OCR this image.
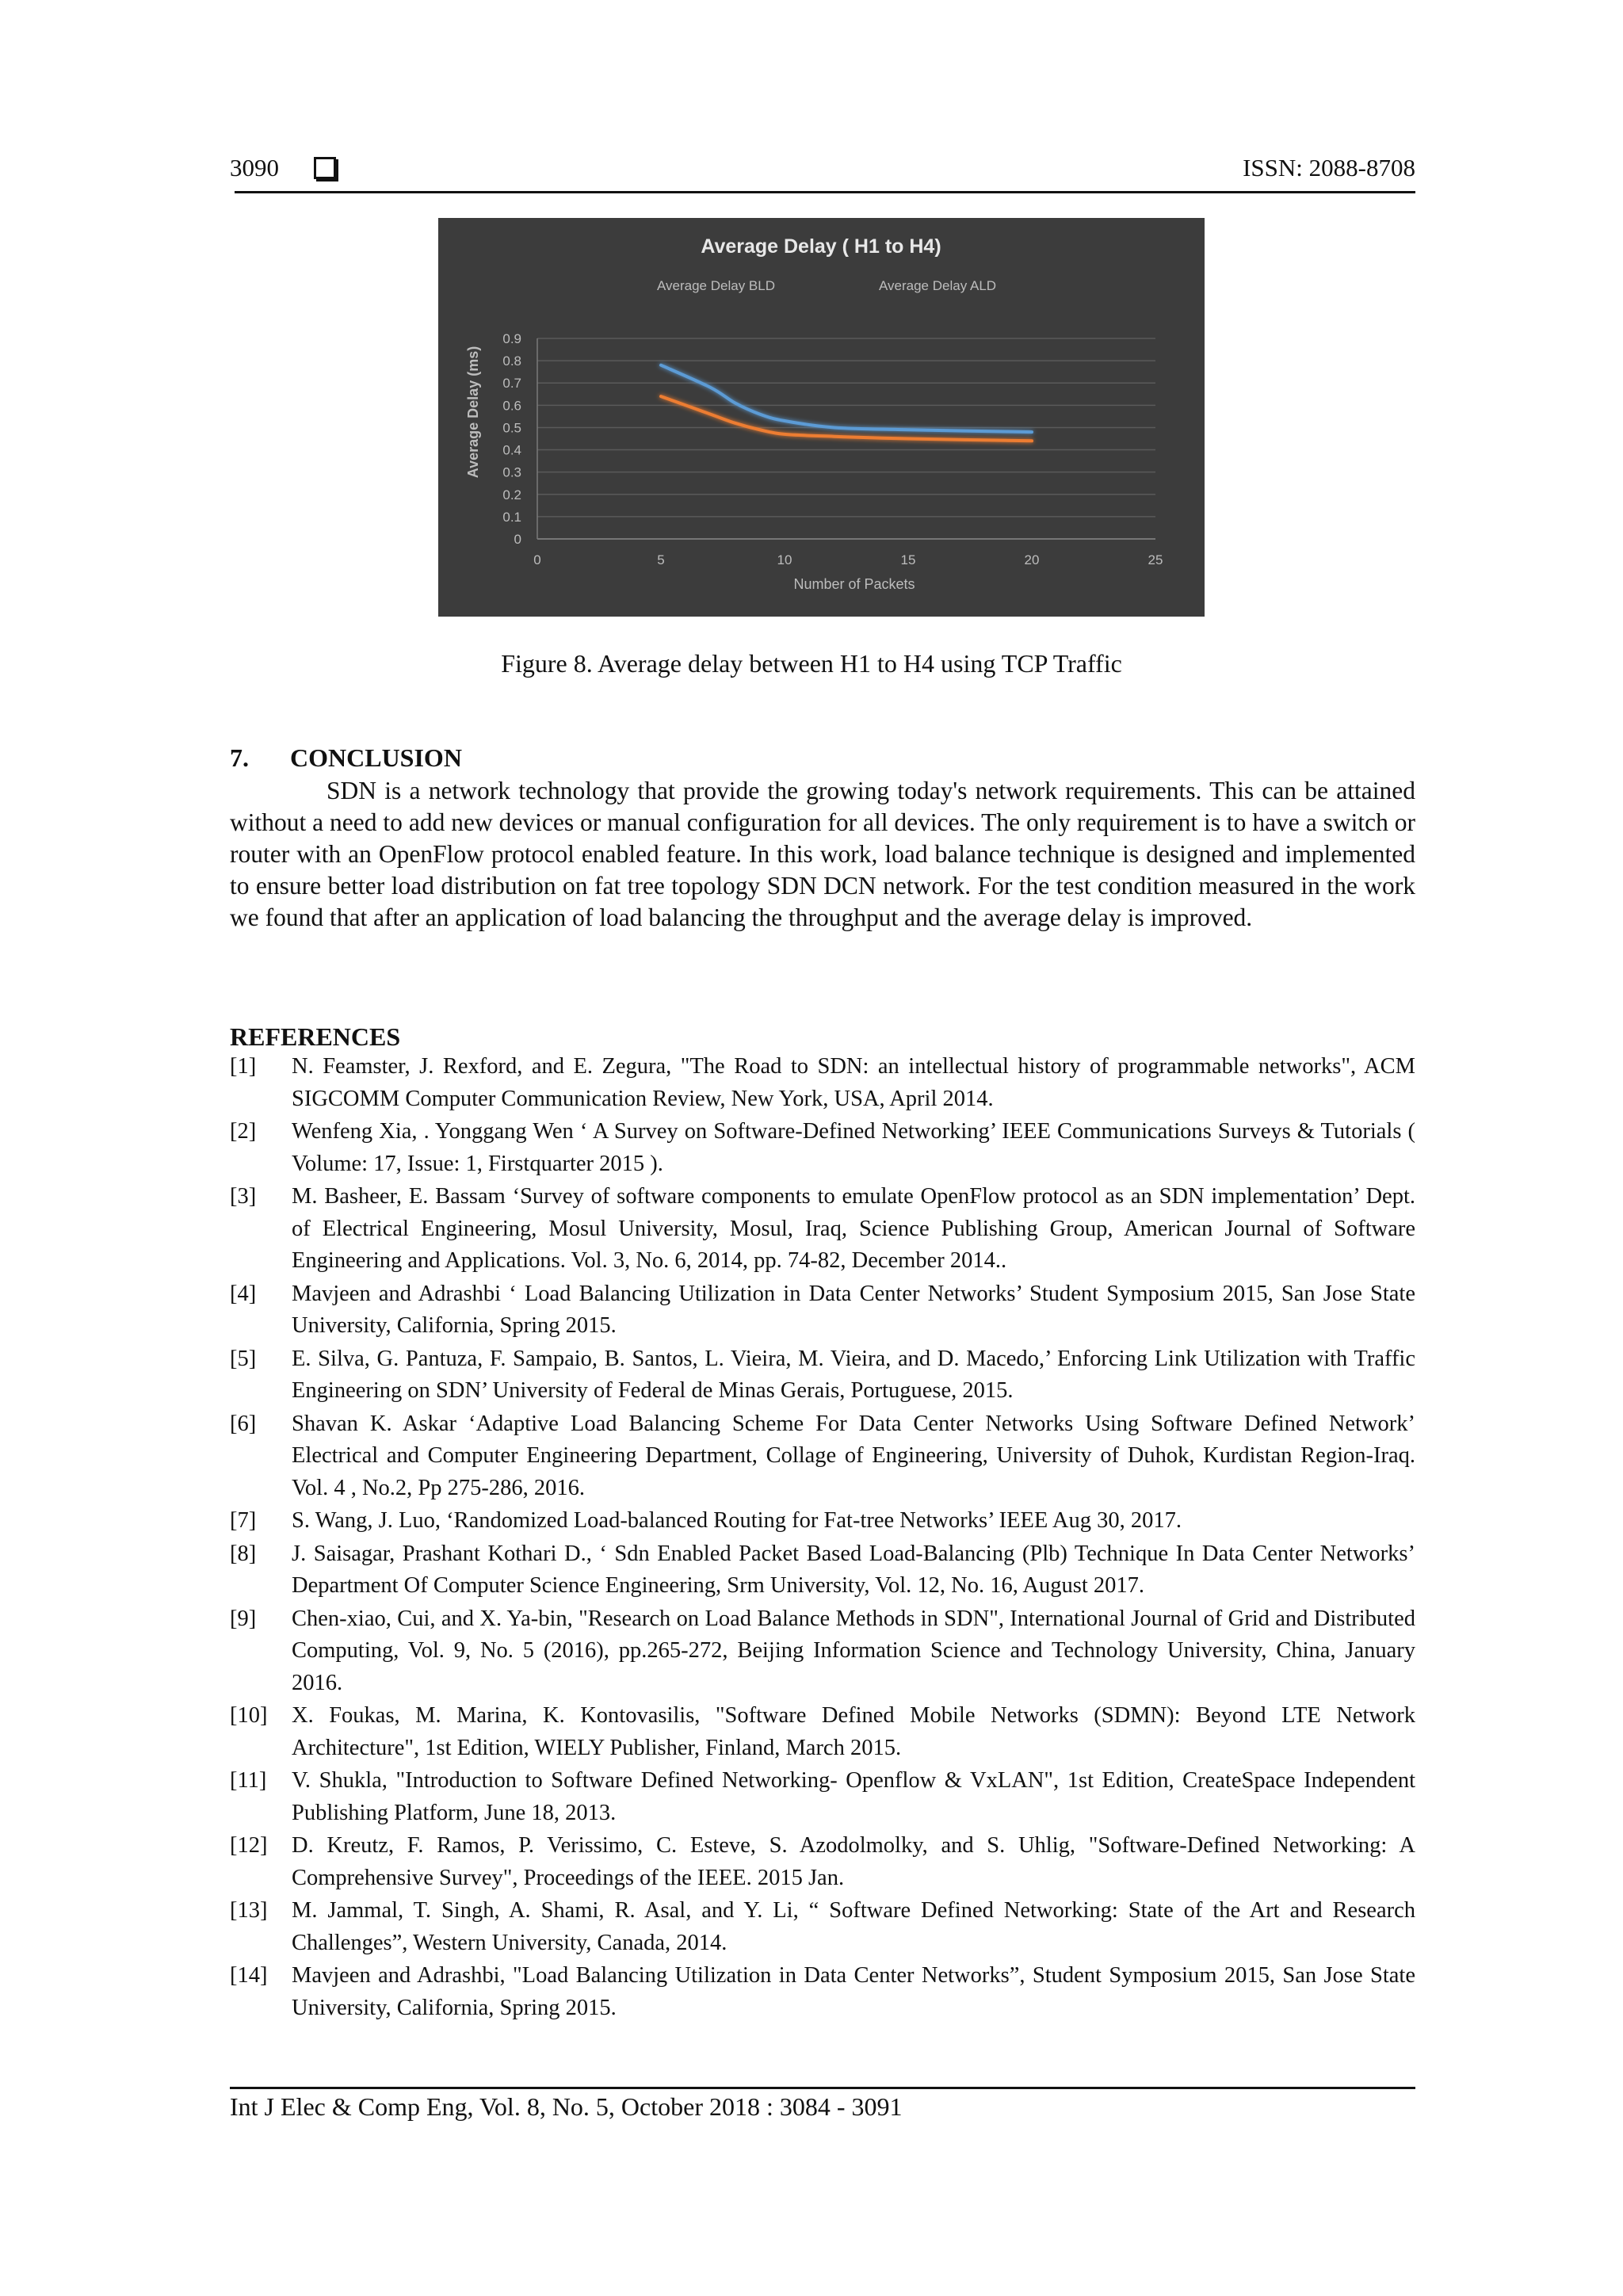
3090	ISSN: 2088-8708
Average Delay ( H1 to H4)
Average Delay BLD	Average Delay ALD
0
0.1
0.2
0.3
0.4
0.5
0.6
0.7
0.8
0.9
0	5	10	15	20	25
Number of Packets
Average Delay (ms)
Figure 8. Average delay between H1 to H4 using TCP Traffic
7. CONCLUSION

SDN is a network technology that provide the growing today's network requirements. This can be attained without a need to add new devices or manual configuration for all devices. The only requirement is to have a switch or router with an OpenFlow protocol enabled feature. In this work, load balance technique is designed and implemented to ensure better load distribution on fat tree topology SDN DCN network. For the test condition measured in the work we found that after an application of load balancing the throughput and the average delay is improved.

REFERENCES
[1]	N. Feamster, J. Rexford, and E. Zegura, "The Road to SDN: an intellectual history of programmable networks", ACM SIGCOMM Computer Communication Review, New York, USA, April 2014.
[2]	Wenfeng Xia, . Yonggang Wen ‘ A Survey on Software-Defined Networking’ IEEE Communications Surveys & Tutorials ( Volume: 17, Issue: 1, Firstquarter 2015 ).
[3]	M. Basheer, E. Bassam ‘Survey of software components to emulate OpenFlow protocol as an SDN implementation’ Dept. of Electrical Engineering, Mosul University, Mosul, Iraq, Science Publishing Group, American Journal of Software Engineering and Applications. Vol. 3, No. 6, 2014, pp. 74-82, December 2014..
[4]	Mavjeen and Adrashbi ‘ Load Balancing Utilization in Data Center Networks’ Student Symposium 2015, San Jose State University, California, Spring 2015.
[5]	E. Silva, G. Pantuza, F. Sampaio, B. Santos, L. Vieira, M. Vieira, and D. Macedo,’ Enforcing Link Utilization with Traffic Engineering on SDN’ University of Federal de Minas Gerais, Portuguese, 2015.
[6]	Shavan K. Askar ‘Adaptive Load Balancing Scheme For Data Center Networks Using Software Defined Network’ Electrical and Computer Engineering Department, Collage of Engineering, University of Duhok, Kurdistan Region-Iraq. Vol. 4 , No.2, Pp 275-286, 2016.
[7]	S. Wang, J. Luo, ‘Randomized Load-balanced Routing for Fat-tree Networks’ IEEE Aug 30, 2017.
[8]	J. Saisagar, Prashant Kothari D., ‘ Sdn Enabled Packet Based Load-Balancing (Plb) Technique In Data Center Networks’ Department Of Computer Science Engineering, Srm University, Vol. 12, No. 16, August 2017.
[9]	Chen-xiao, Cui, and X. Ya-bin, "Research on Load Balance Methods in SDN", International Journal of Grid and Distributed Computing, Vol. 9, No. 5 (2016), pp.265-272, Beijing Information Science and Technology University, China, January 2016.
[10]	X. Foukas, M. Marina, K. Kontovasilis, "Software Defined Mobile Networks (SDMN): Beyond LTE Network Architecture", 1st Edition, WIELY Publisher, Finland, March 2015.
[11]	V. Shukla, "Introduction to Software Defined Networking- Openflow & VxLAN", 1st Edition, CreateSpace Independent Publishing Platform, June 18, 2013.
[12]	D. Kreutz, F. Ramos, P. Verissimo, C. Esteve, S. Azodolmolky, and S. Uhlig, "Software-Defined Networking: A Comprehensive Survey", Proceedings of the IEEE. 2015 Jan.
[13]	M. Jammal, T. Singh, A. Shami, R. Asal, and Y. Li, “ Software Defined Networking: State of the Art and Research Challenges”, Western University, Canada, 2014.
[14]	Mavjeen and Adrashbi, "Load Balancing Utilization in Data Center Networks”, Student Symposium 2015, San Jose State University, California, Spring 2015.
Int J Elec & Comp Eng, Vol. 8, No. 5, October 2018 : 3084 - 3091
